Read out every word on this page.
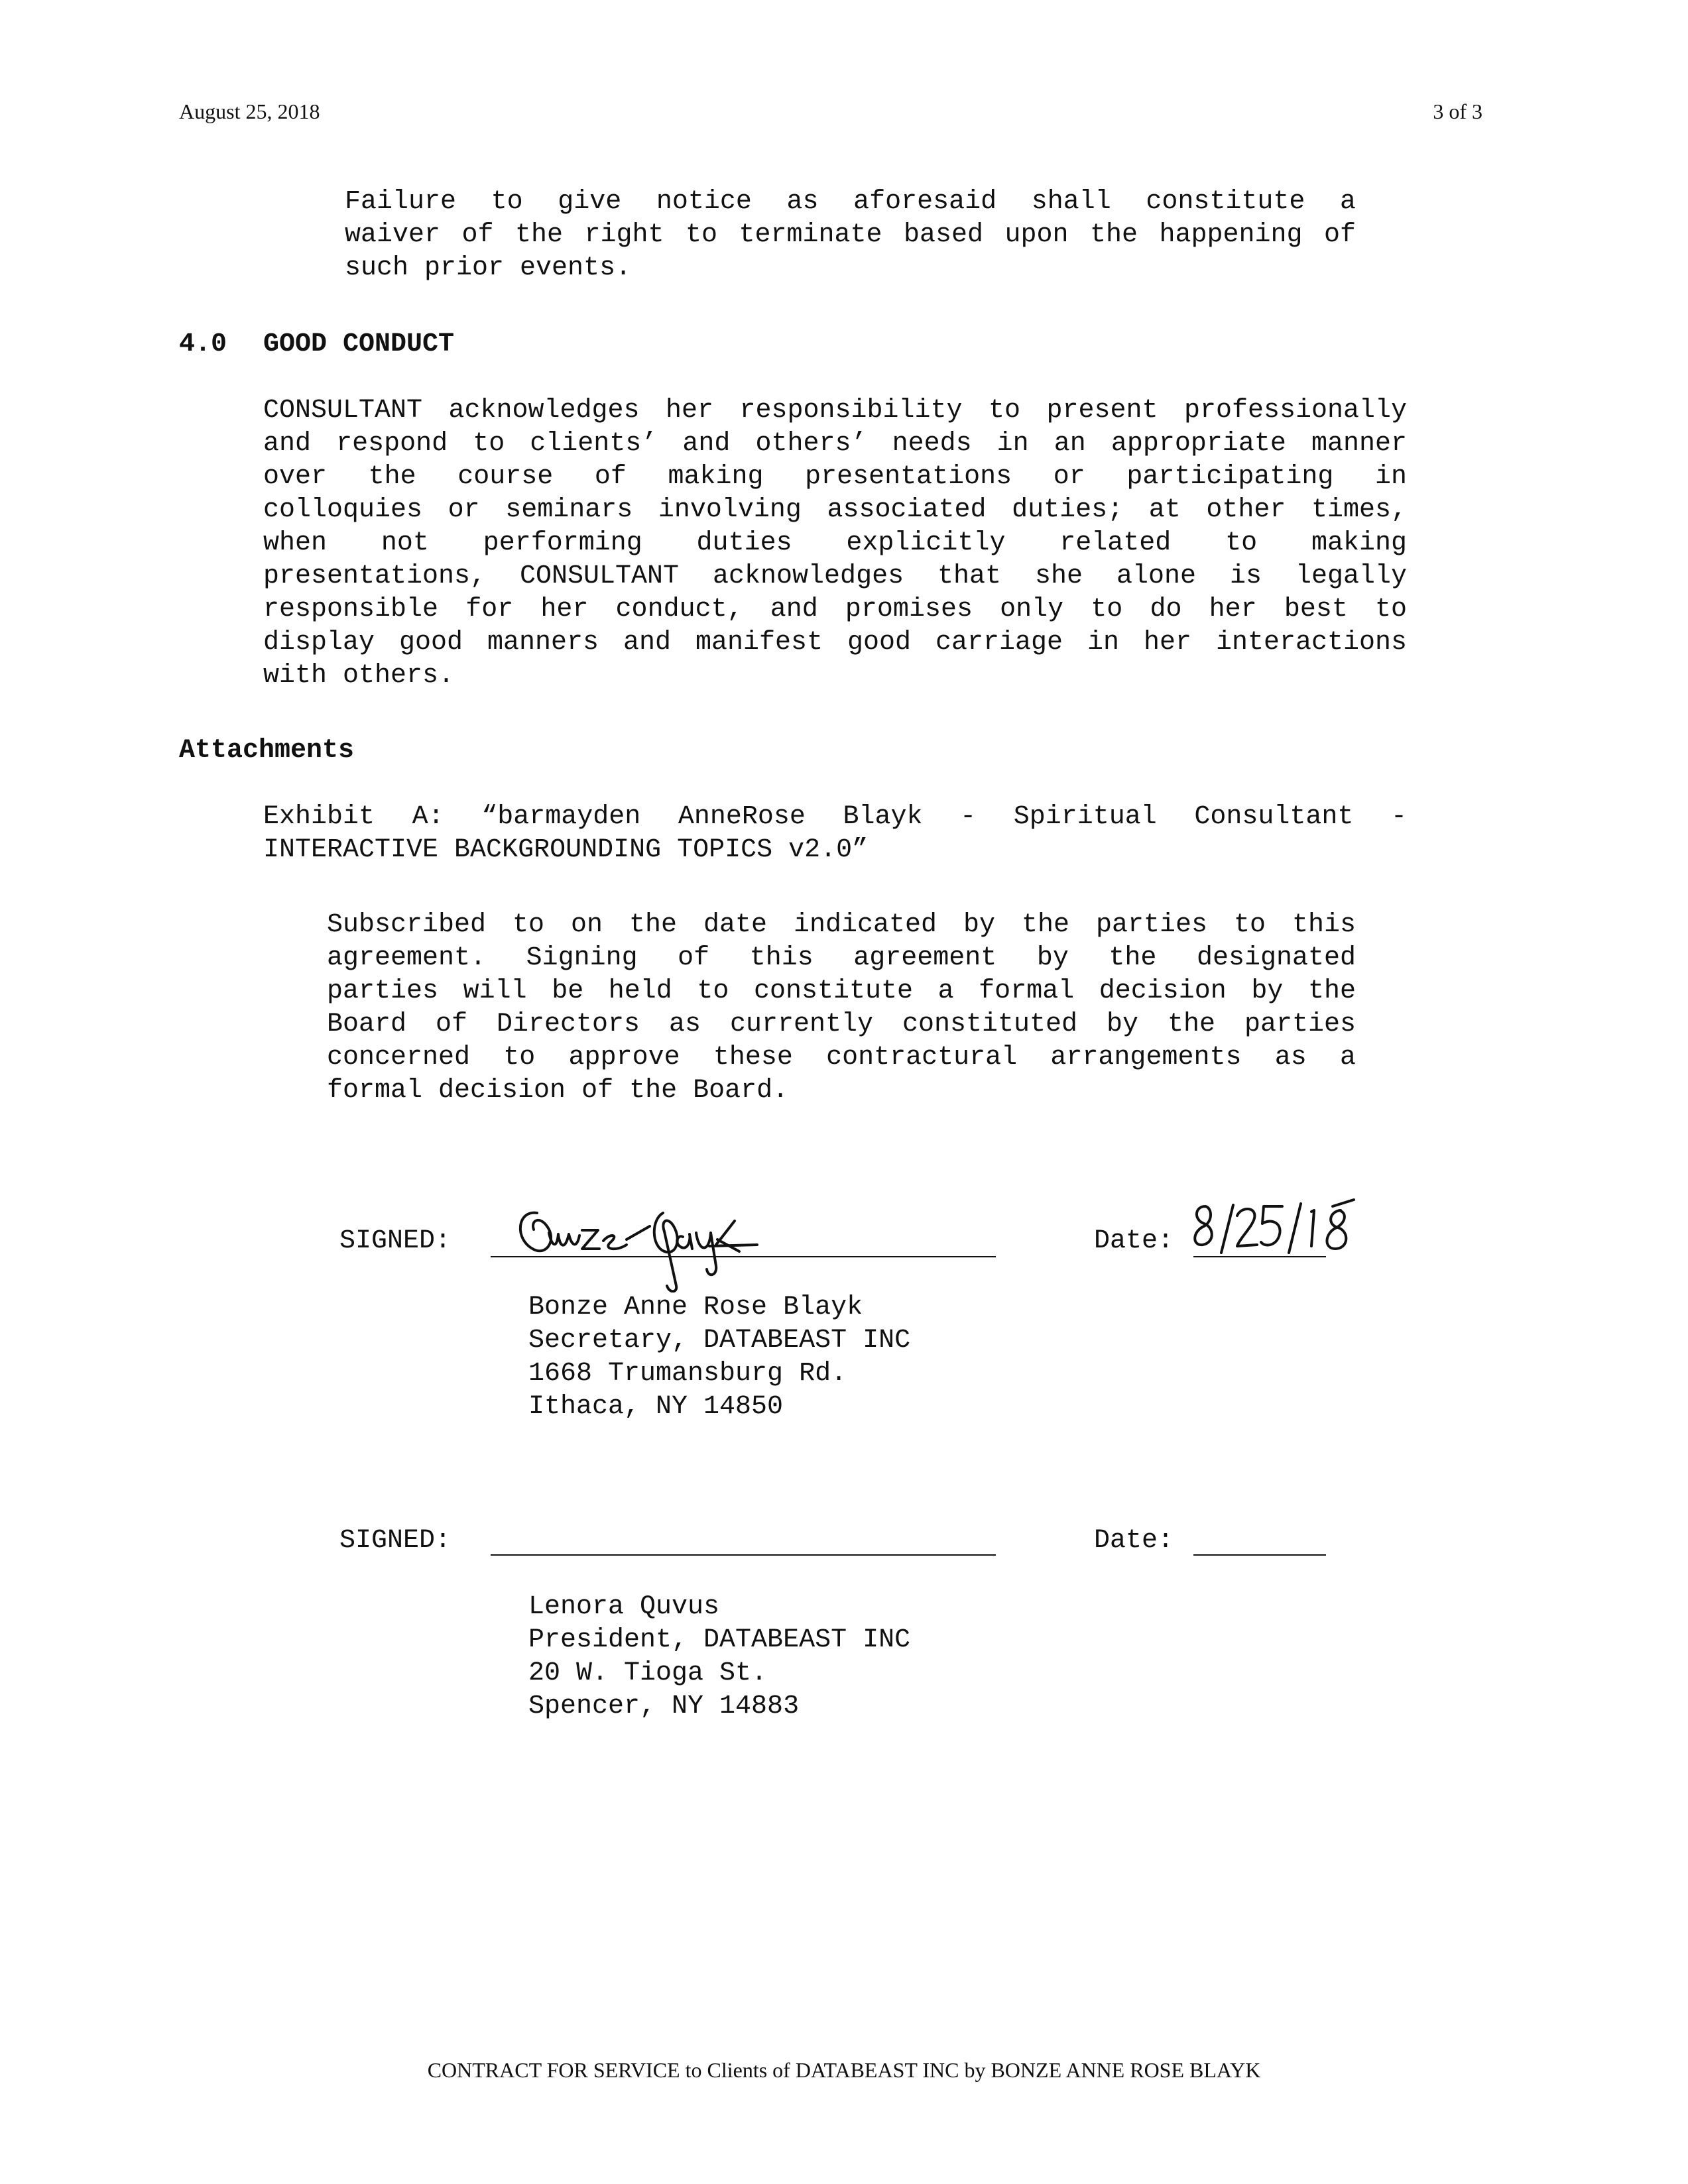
August 25, 2018	3 of 3
Failure to give notice as aforesaid shall constitute a
waiver of the right to terminate based upon the happening of
such prior events.
4.0 GOOD CONDUCT
CONSULTANT acknowledges her responsibility to present professionally
and respond to clients’ and others’ needs in an appropriate manner
over the course of making presentations or participating in
colloquies or seminars involving associated duties; at other times,
when not performing duties explicitly related to making
presentations, CONSULTANT acknowledges that she alone is legally
responsible for her conduct, and promises only to do her best to
display good manners and manifest good carriage in her interactions
with others.
Attachments
Exhibit A: “barmayden AnneRose Blayk - Spiritual Consultant -
INTERACTIVE BACKGROUNDING TOPICS v2.0”
Subscribed to on the date indicated by the parties to this
agreement. Signing of this agreement by the designated
parties will be held to constitute a formal decision by the
Board of Directors as currently constituted by the parties
concerned to approve these contractural arrangements as a
formal decision of the Board.
SIGNED:	Date:
Bonze Anne Rose Blayk
Secretary, DATABEAST INC
1668 Trumansburg Rd.
Ithaca, NY 14850
SIGNED:	Date:
Lenora Quvus
President, DATABEAST INC
20 W. Tioga St.
Spencer, NY 14883
CONTRACT FOR SERVICE to Clients of DATABEAST INC by BONZE ANNE ROSE BLAYK
